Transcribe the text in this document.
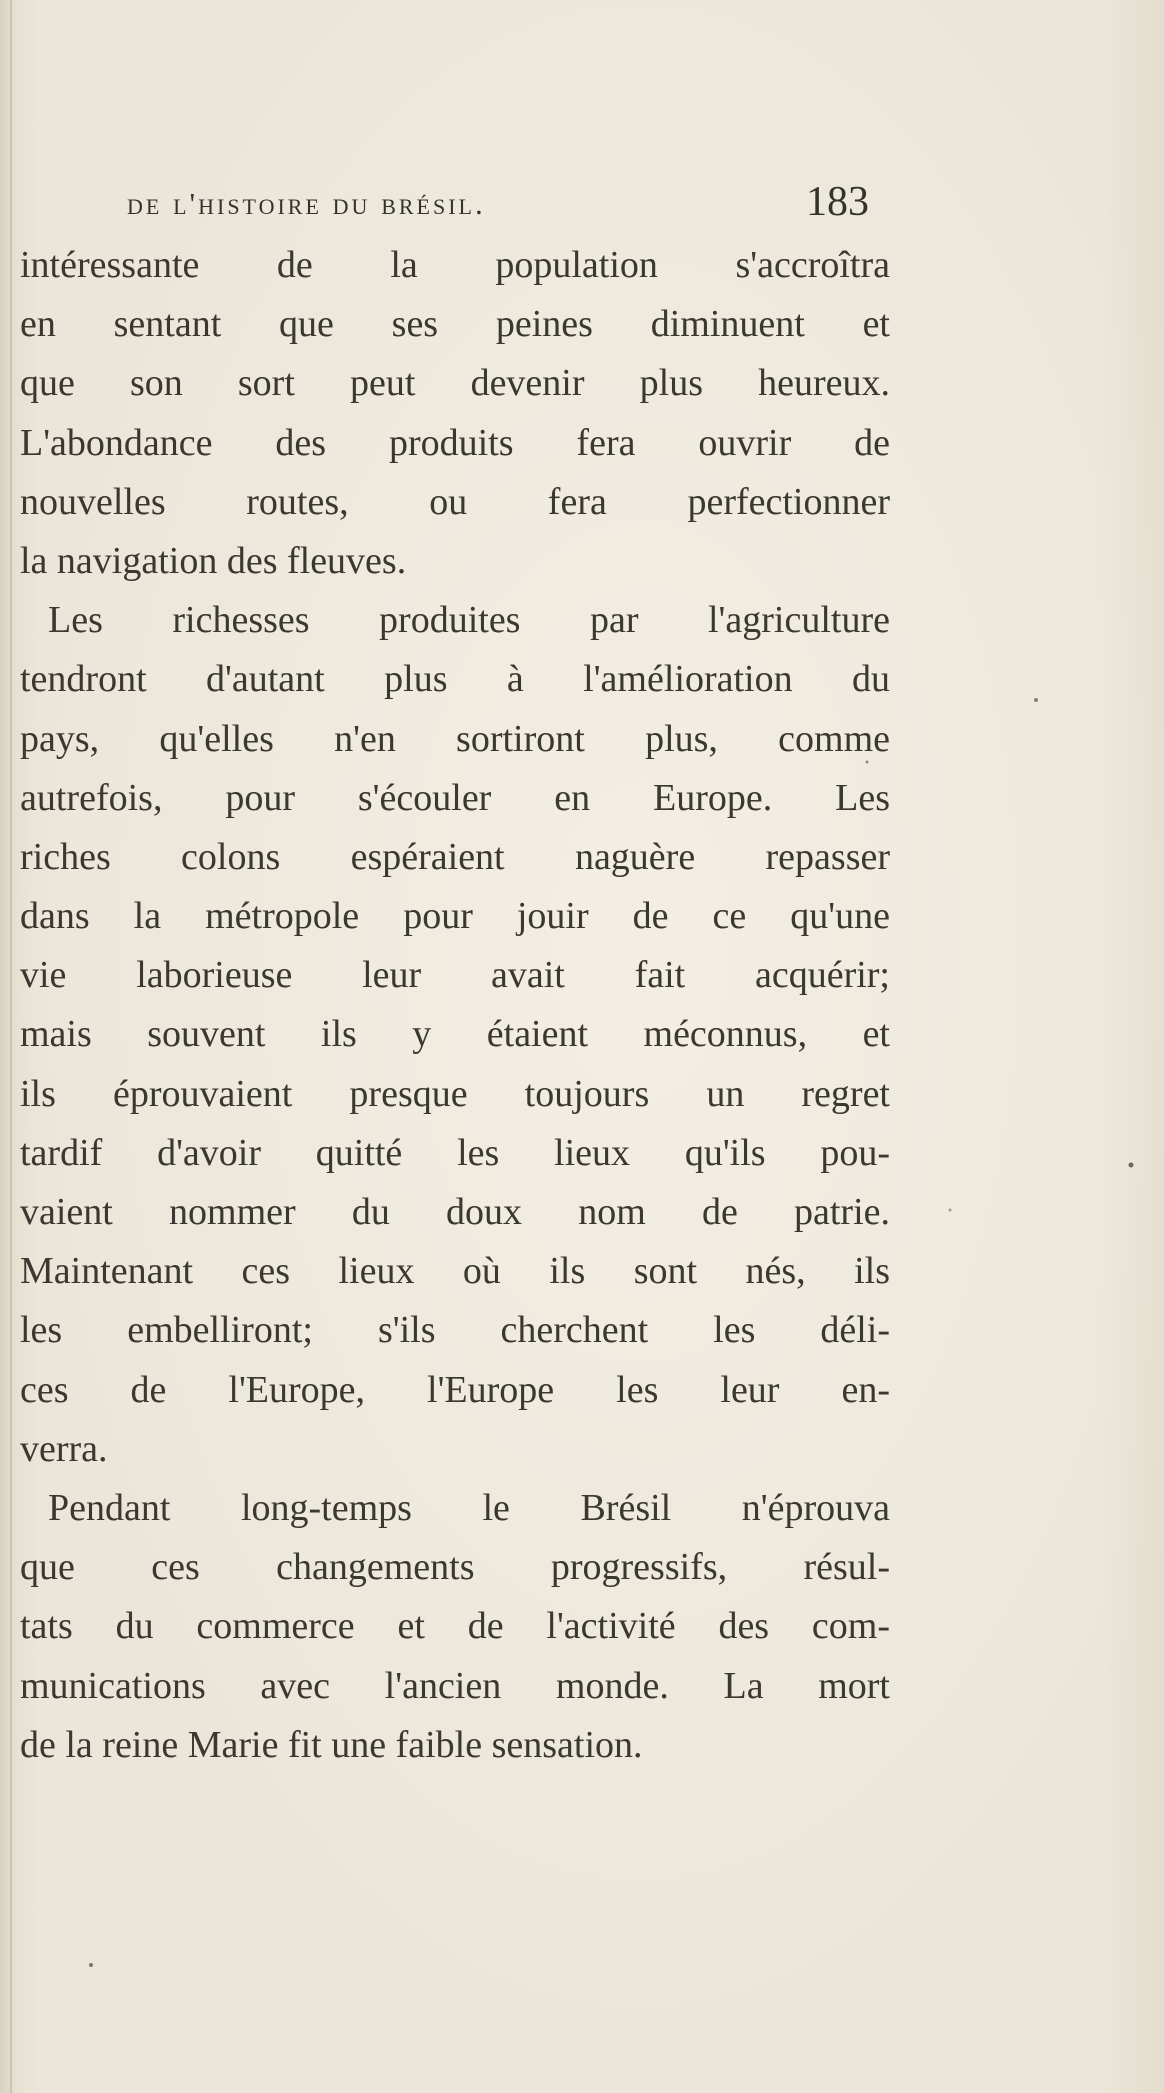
de l'histoire du brésil.	183
intéressante de la population s'accroîtra
en sentant que ses peines diminuent et
que son sort peut devenir plus heureux.
L'abondance des produits fera ouvrir de
nouvelles routes, ou fera perfectionner
la navigation des fleuves.
Les richesses produites par l'agriculture
tendront d'autant plus à l'amélioration du
pays, qu'elles n'en sortiront plus, comme
autrefois, pour s'écouler en Europe. Les
riches colons espéraient naguère repasser
dans la métropole pour jouir de ce qu'une
vie laborieuse leur avait fait acquérir;
mais souvent ils y étaient méconnus, et
ils éprouvaient presque toujours un regret
tardif d'avoir quitté les lieux qu'ils pou-
vaient nommer du doux nom de patrie.
Maintenant ces lieux où ils sont nés, ils
les embelliront; s'ils cherchent les déli-
ces de l'Europe, l'Europe les leur en-
verra.
Pendant long-temps le Brésil n'éprouva
que ces changements progressifs, résul-
tats du commerce et de l'activité des com-
munications avec l'ancien monde. La mort
de la reine Marie fit une faible sensation.
